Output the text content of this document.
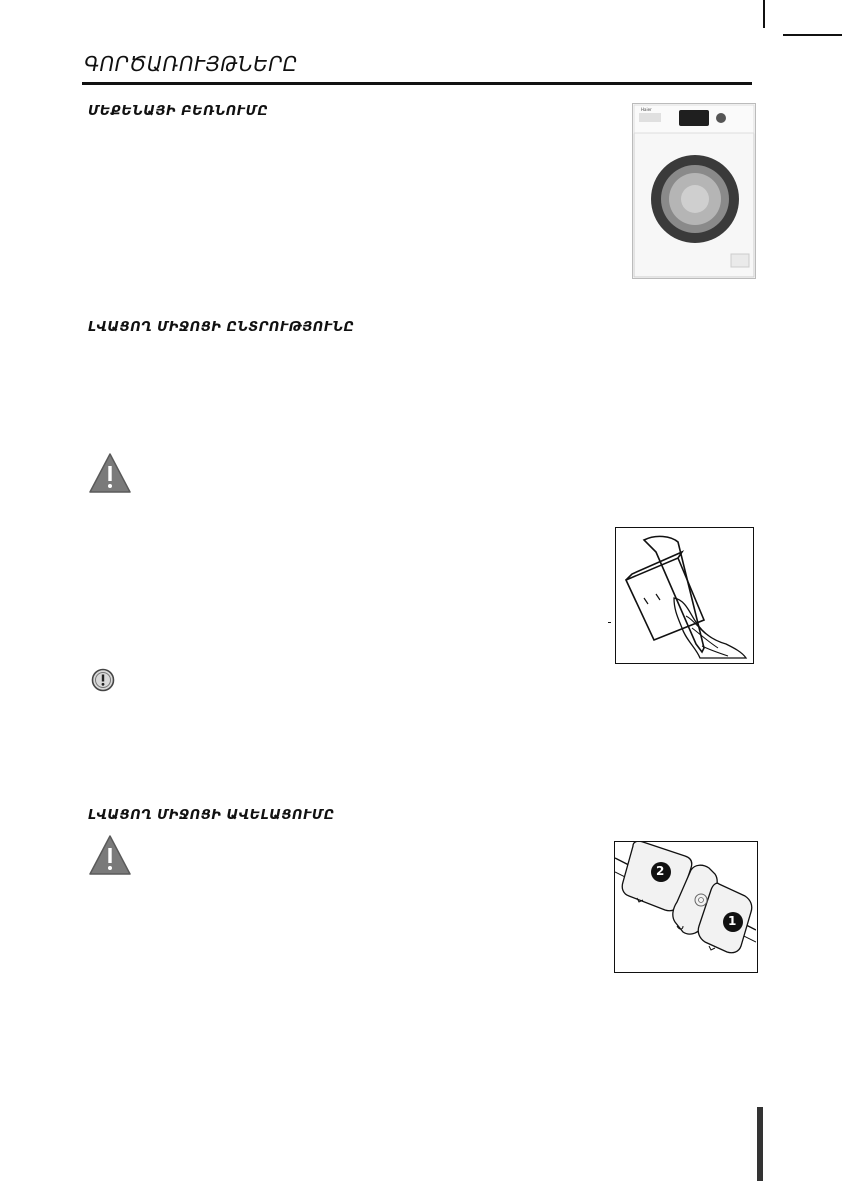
ԳՈՐԾԱՌՈՒՅԹՆԵՐԸ
ՄԵՔԵՆԱՅԻ ԲԵՌՆՈՒՄԸ	Haier
ԼՎԱՑՈՂ ՄԻՋՈՑԻ ԸՆՏՐՈՒԹՅՈՒՆԸ
ԼՎԱՑՈՂ ՄԻՋՈՑԻ ԱՎԵԼԱՑՈՒՄԸ
2
1
